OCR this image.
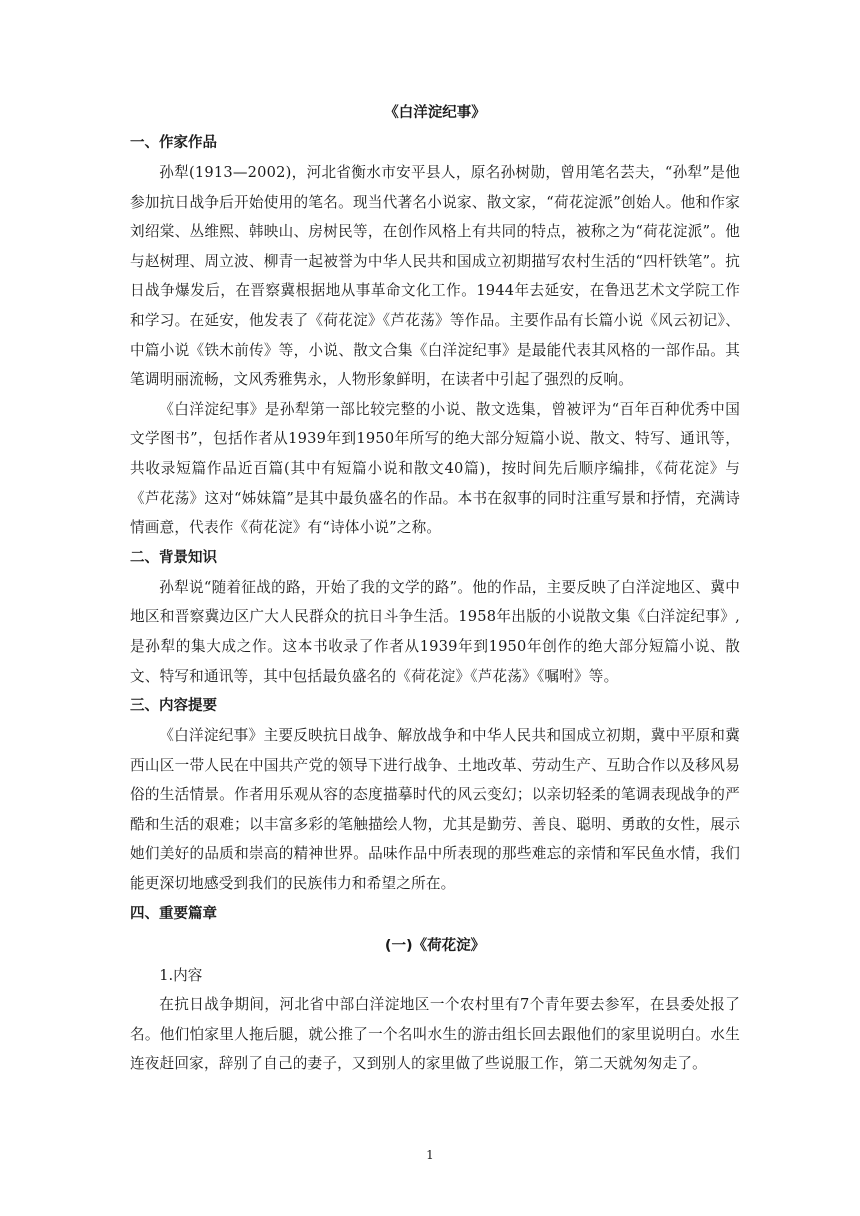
《白洋淀纪事》
一、作家作品

孙犁(1913—2002)，河北省衡水市安平县人，原名孙树勋，曾用笔名芸夫，“孙犁”是他参加抗日战争后开始使用的笔名。现当代著名小说家、散文家，“荷花淀派”创始人。他和作家刘绍棠、丛维熙、韩映山、房树民等，在创作风格上有共同的特点，被称之为“荷花淀派”。他与赵树理、周立波、柳青一起被誉为中华人民共和国成立初期描写农村生活的“四杆铁笔”。抗日战争爆发后，在晋察冀根据地从事革命文化工作。1944年去延安，在鲁迅艺术文学院工作和学习。在延安，他发表了《荷花淀》《芦花荡》等作品。主要作品有长篇小说《风云初记》、中篇小说《铁木前传》等，小说、散文合集《白洋淀纪事》是最能代表其风格的一部作品。其笔调明丽流畅，文风秀雅隽永，人物形象鲜明，在读者中引起了强烈的反响。

《白洋淀纪事》是孙犁第一部比较完整的小说、散文选集，曾被评为“百年百种优秀中国文学图书”，包括作者从1939年到1950年所写的绝大部分短篇小说、散文、特写、通讯等，共收录短篇作品近百篇(其中有短篇小说和散文40篇)，按时间先后顺序编排，《荷花淀》与《芦花荡》这对“姊妹篇”是其中最负盛名的作品。本书在叙事的同时注重写景和抒情，充满诗情画意，代表作《荷花淀》有“诗体小说”之称。

二、背景知识

孙犁说“随着征战的路，开始了我的文学的路”。他的作品，主要反映了白洋淀地区、冀中地区和晋察冀边区广大人民群众的抗日斗争生活。1958年出版的小说散文集《白洋淀纪事》,是孙犁的集大成之作。这本书收录了作者从1939年到1950年创作的绝大部分短篇小说、散文、特写和通讯等，其中包括最负盛名的《荷花淀》《芦花荡》《嘱咐》等。

三、内容提要

《白洋淀纪事》主要反映抗日战争、解放战争和中华人民共和国成立初期，冀中平原和冀西山区一带人民在中国共产党的领导下进行战争、土地改革、劳动生产、互助合作以及移风易俗的生活情景。作者用乐观从容的态度描摹时代的风云变幻；以亲切轻柔的笔调表现战争的严酷和生活的艰难；以丰富多彩的笔触描绘人物，尤其是勤劳、善良、聪明、勇敢的女性，展示她们美好的品质和崇高的精神世界。品味作品中所表现的那些难忘的亲情和军民鱼水情，我们能更深切地感受到我们的民族伟力和希望之所在。

四、重要篇章
(一)《荷花淀》

1.内容

在抗日战争期间，河北省中部白洋淀地区一个农村里有7个青年要去参军，在县委处报了名。他们怕家里人拖后腿，就公推了一个名叫水生的游击组长回去跟他们的家里说明白。水生连夜赶回家，辞别了自己的妻子，又到别人的家里做了些说服工作，第二天就匆匆走了。

1
